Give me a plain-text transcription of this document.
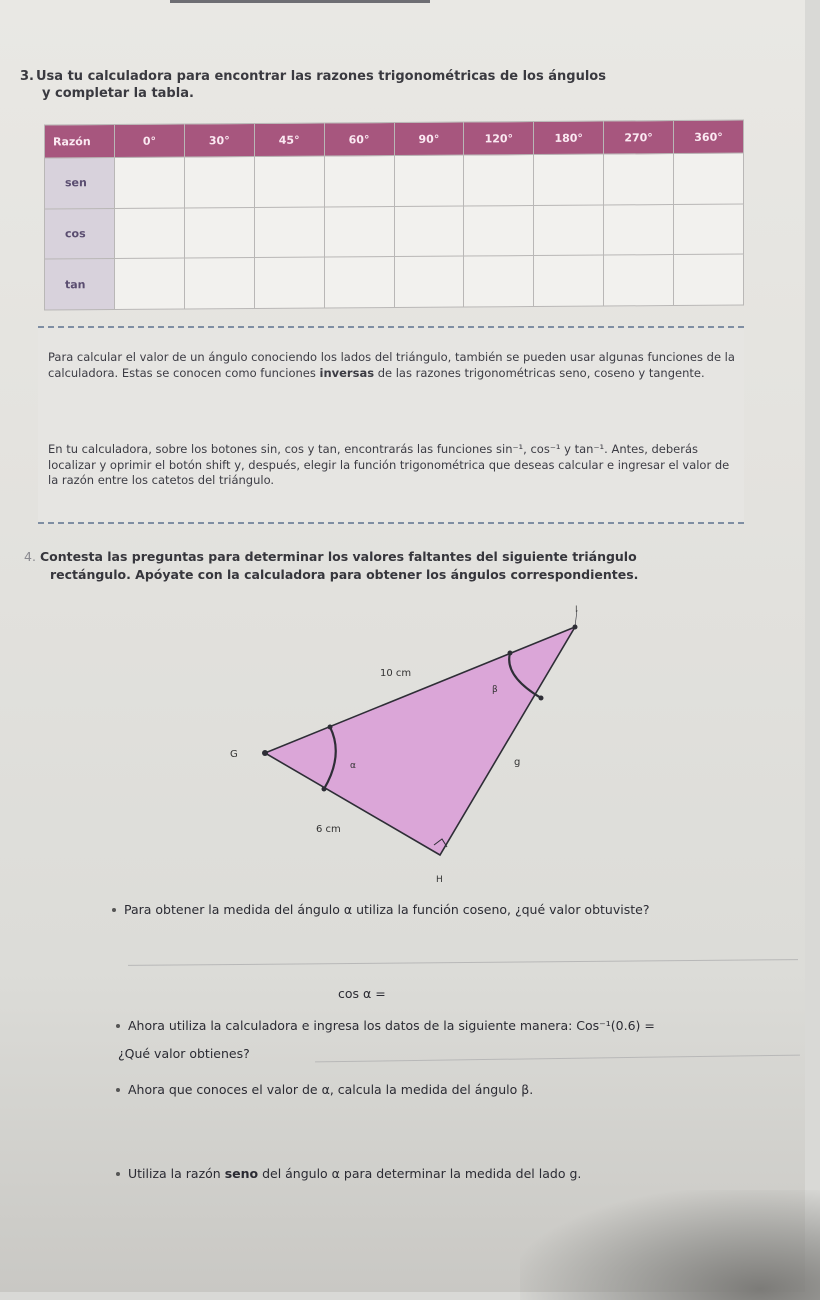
3. Usa tu calculadora para encontrar las razones trigonométricas de los ángulos
y completar la tabla.
Razón	0°	30°	45°	60°	90°	120°	180°	270°	360°
sen									
cos									
tan									
Para calcular el valor de un ángulo conociendo los lados del triángulo, también se pueden usar algunas funciones de la calculadora. Estas se conocen como funciones inversas de las razones trigonométricas seno, coseno y tangente.
En tu calculadora, sobre los botones sin, cos y tan, encontrarás las funciones sin⁻¹, cos⁻¹ y tan⁻¹. Antes, deberás localizar y oprimir el botón shift y, después, elegir la función trigonométrica que deseas calcular e ingresar el valor de la razón entre los catetos del triángulo.
4. Contesta las preguntas para determinar los valores faltantes del siguiente triángulo
rectángulo. Apóyate con la calculadora para obtener los ángulos correspondientes.
I
10 cm
β
G
α	g
6 cm
H
Para obtener la medida del ángulo α utiliza la función coseno, ¿qué valor obtuviste?
cos α =
Ahora utiliza la calculadora e ingresa los datos de la siguiente manera: Cos⁻¹(0.6) =
¿Qué valor obtienes?
Ahora que conoces el valor de α, calcula la medida del ángulo β.
Utiliza la razón seno del ángulo α para determinar la medida del lado g.
